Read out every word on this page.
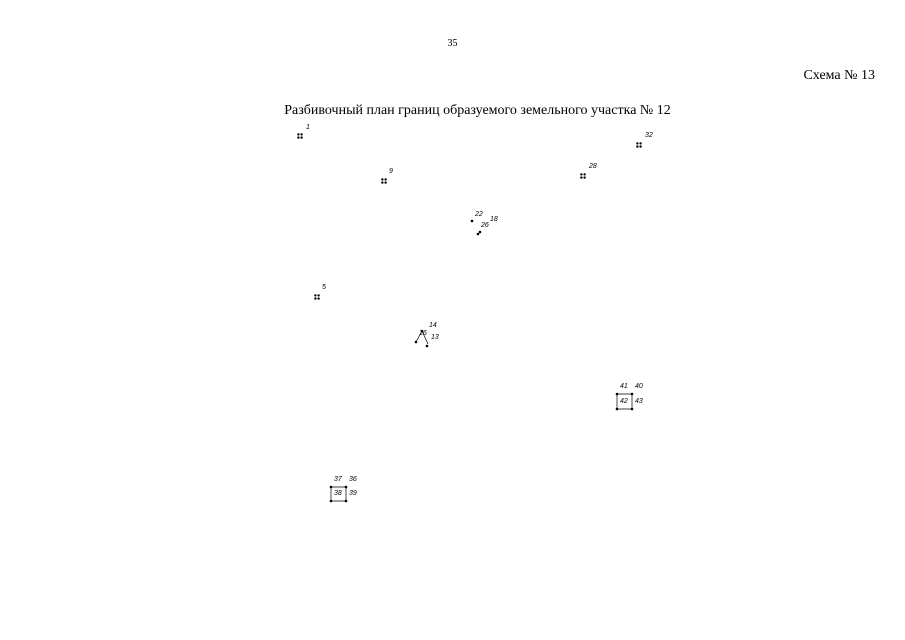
35
Схема № 13
Разбивочный план границ образуемого земельного участка № 12
1
32
9
28
22
18
26
5
14
16
13
41 40
42 43
37 36
38 39
